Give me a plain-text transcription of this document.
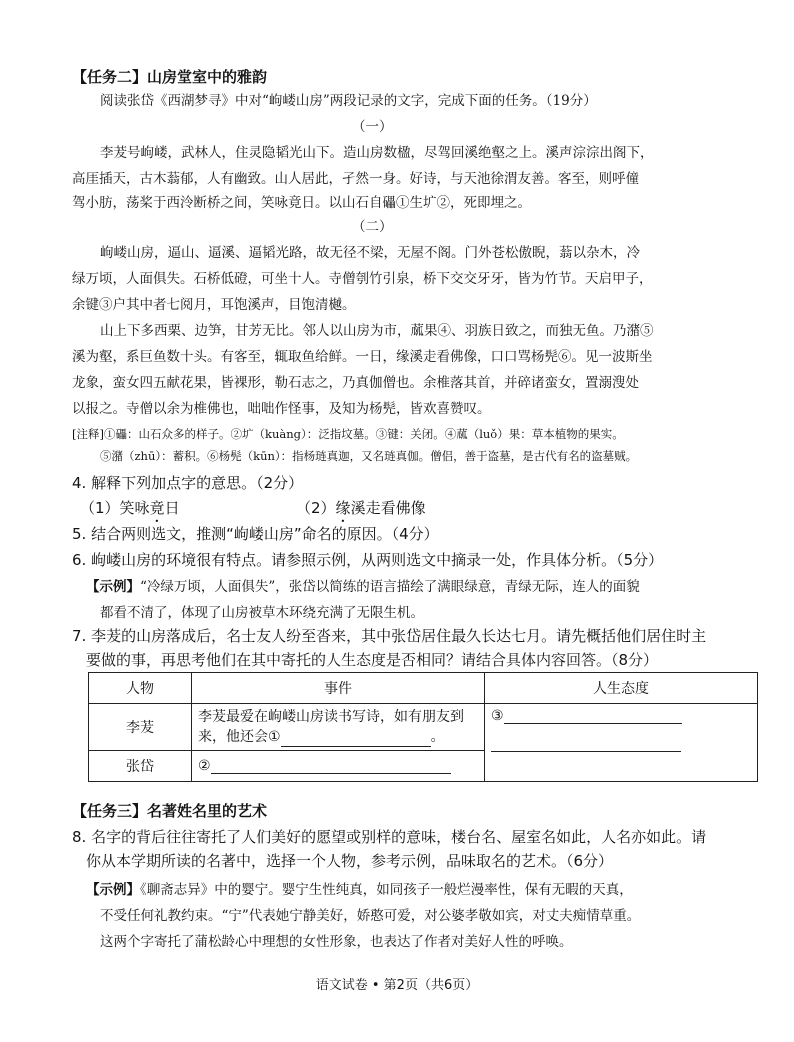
【任务二】山房堂室中的雅韵
阅读张岱《西湖梦寻》中对“岣嵝山房”两段记录的文字，完成下面的任务。（19分）
（一）
李茇号岣嵝，武林人，住灵隐韬光山下。造山房数楹，尽驾回溪绝壑之上。溪声淙淙出阁下，
高厓插天，古木蓊郁，人有幽致。山人居此，孑然一身。好诗，与天池徐渭友善。客至，则呼僮
驾小肪，荡桨于西泠断桥之间，笑咏竟日。以山石自礧①生圹②，死即埋之。
（二）
岣嵝山房，逼山、逼溪、逼韬光路，故无径不梁，无屋不阁。门外苍松傲睨，蓊以杂木，冷
绿万顷，人面俱失。石桥低磴，可坐十人。寺僧刳竹引泉，桥下交交牙牙，皆为竹节。天启甲子，
余键③户其中者七阅月，耳饱溪声，目饱清樾。
山上下多西栗、边笋，甘芳无比。邻人以山房为市，蓏果④、羽族日致之，而独无鱼。乃潴⑤
溪为壑，系巨鱼数十头。有客至，辄取鱼给鲜。一日，缘溪走看佛像，口口骂杨髡⑥。见一波斯坐
龙象，蛮女四五献花果，皆裸形，勒石志之，乃真伽僧也。余椎落其首，并碎诸蛮女，置溺溲处
以报之。寺僧以余为椎佛也，咄咄作怪事，及知为杨髡，皆欢喜赞叹。
[注释]①礧：山石众多的样子。②圹（kuàng）：泛指坟墓。③键：关闭。④蓏（luǒ）果：草本植物的果实。
⑤潴（zhū）：蓄积。⑥杨髡（kūn）：指杨琏真迦，又名琏真伽。僧侣，善于盗墓，是古代有名的盗墓贼。
4. 解释下列加点字的意思。（2分）
（1）笑咏竟日	（2）缘溪走看佛像
5. 结合两则选文，推测“岣嵝山房”命名的原因。（4分）
6. 岣嵝山房的环境很有特点。请参照示例，从两则选文中摘录一处，作具体分析。（5分）
【示例】“冷绿万顷，人面俱失”，张岱以简练的语言描绘了满眼绿意，青绿无际，连人的面貌
都看不清了，体现了山房被草木环绕充满了无限生机。
7. 李茇的山房落成后，名士友人纷至沓来，其中张岱居住最久长达七月。请先概括他们居住时主
要做的事，再思考他们在其中寄托的人生态度是否相同？请结合具体内容回答。（8分）
人物	事件	人生态度
李茇	李茇最爱在岣嵝山房读书写诗，如有朋友到
来，他还会① 。	③

张岱	②	
【任务三】名著姓名里的艺术
8. 名字的背后往往寄托了人们美好的愿望或别样的意味，楼台名、屋室名如此，人名亦如此。请
你从本学期所读的名著中，选择一个人物，参考示例，品味取名的艺术。（6分）
【示例】《聊斋志异》中的婴宁。婴宁生性纯真，如同孩子一般烂漫率性，保有无暇的天真，
不受任何礼教约束。“宁”代表她宁静美好，娇憨可爱，对公婆孝敬如宾，对丈夫痴情草重。
这两个字寄托了蒲松龄心中理想的女性形象，也表达了作者对美好人性的呼唤。
语文试卷 • 第2页（共6页）
